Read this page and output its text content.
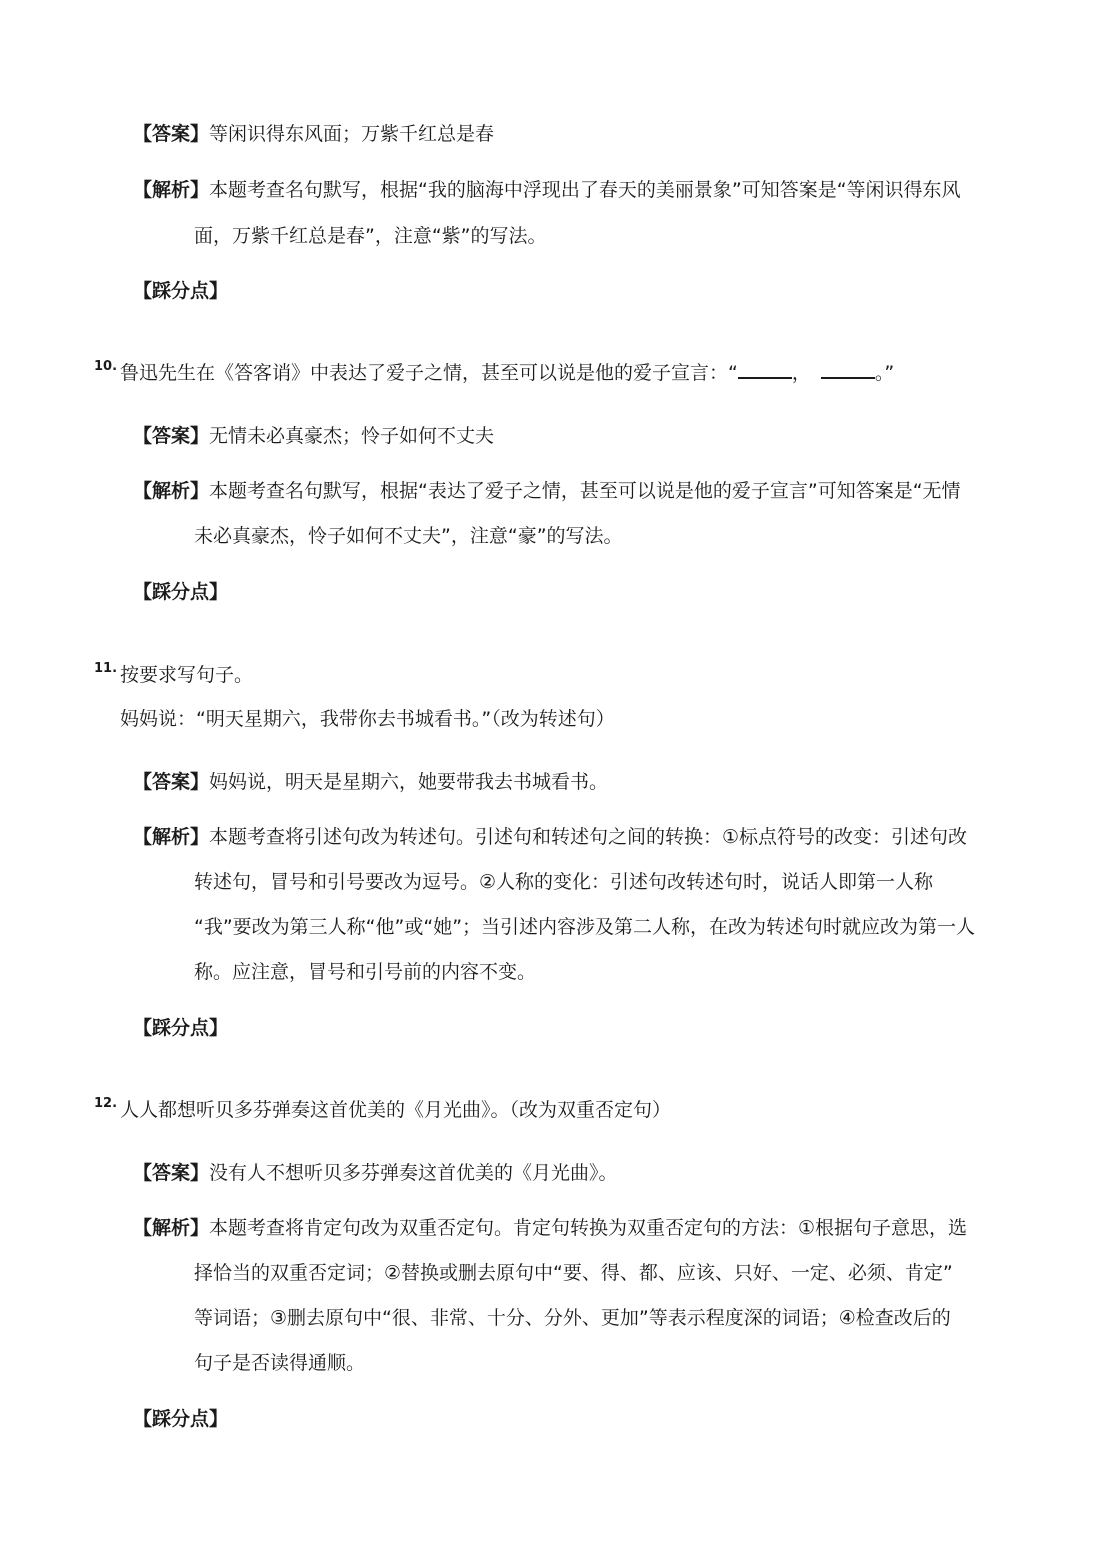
【答案】等闲识得东风面；万紫千红总是春
【解析】本题考查名句默写，根据“我的脑海中浮现出了春天的美丽景象”可知答案是“等闲识得东风
面，万紫千红总是春”，注意“紫”的写法。
【踩分点】
10. 鲁迅先生在《答客诮》中表达了爱子之情，甚至可以说是他的爱子宣言：“	，	。”
【答案】无情未必真豪杰；怜子如何不丈夫
【解析】本题考查名句默写，根据“表达了爱子之情，甚至可以说是他的爱子宣言”可知答案是“无情
未必真豪杰，怜子如何不丈夫”，注意“豪”的写法。
【踩分点】
11. 按要求写句子。
妈妈说：“明天星期六，我带你去书城看书。”（改为转述句）
【答案】妈妈说，明天是星期六，她要带我去书城看书。
【解析】本题考查将引述句改为转述句。引述句和转述句之间的转换：①标点符号的改变：引述句改
转述句，冒号和引号要改为逗号。②人称的变化：引述句改转述句时，说话人即第一人称
“我”要改为第三人称“他”或“她”；当引述内容涉及第二人称，在改为转述句时就应改为第一人
称。应注意，冒号和引号前的内容不变。
【踩分点】
12. 人人都想听贝多芬弹奏这首优美的《月光曲》。（改为双重否定句）
【答案】没有人不想听贝多芬弹奏这首优美的《月光曲》。
【解析】本题考查将肯定句改为双重否定句。肯定句转换为双重否定句的方法：①根据句子意思，选
择恰当的双重否定词；②替换或删去原句中“要、得、都、应该、只好、一定、必须、肯定”
等词语；③删去原句中“很、非常、十分、分外、更加”等表示程度深的词语；④检查改后的
句子是否读得通顺。
【踩分点】
